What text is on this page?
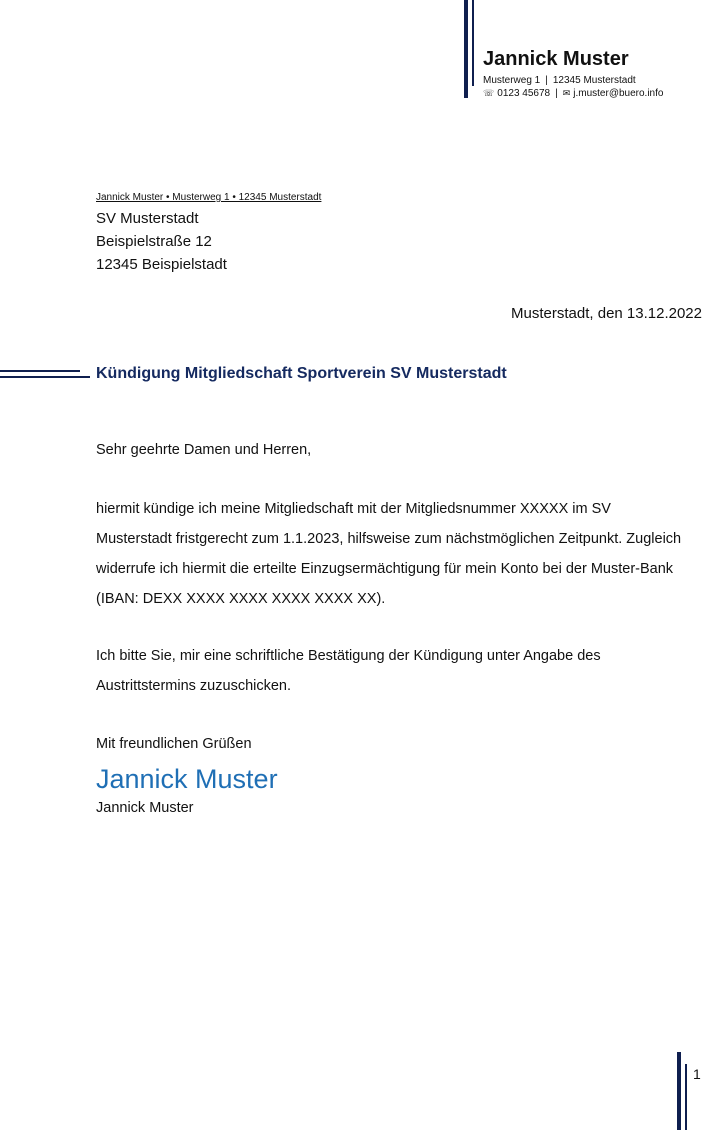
Jannick Muster
Musterweg 1 | 12345 Musterstadt
☏ 0123 45678 | ✉ j.muster@buero.info
Jannick Muster • Musterweg 1 • 12345 Musterstadt
SV Musterstadt
Beispielstraße 12
12345 Beispielstadt
Musterstadt, den 13.12.2022
Kündigung Mitgliedschaft Sportverein SV Musterstadt
Sehr geehrte Damen und Herren,
hiermit kündige ich meine Mitgliedschaft mit der Mitgliedsnummer XXXXX im SV
Musterstadt fristgerecht zum 1.1.2023, hilfsweise zum nächstmöglichen Zeitpunkt. Zugleich
widerrufe ich hiermit die erteilte Einzugsermächtigung für mein Konto bei der Muster-Bank
(IBAN: DEXX XXXX XXXX XXXX XXXX XX).
Ich bitte Sie, mir eine schriftliche Bestätigung der Kündigung unter Angabe des
Austrittstermins zuzuschicken.
Mit freundlichen Grüßen
Jannick Muster
Jannick Muster
1
